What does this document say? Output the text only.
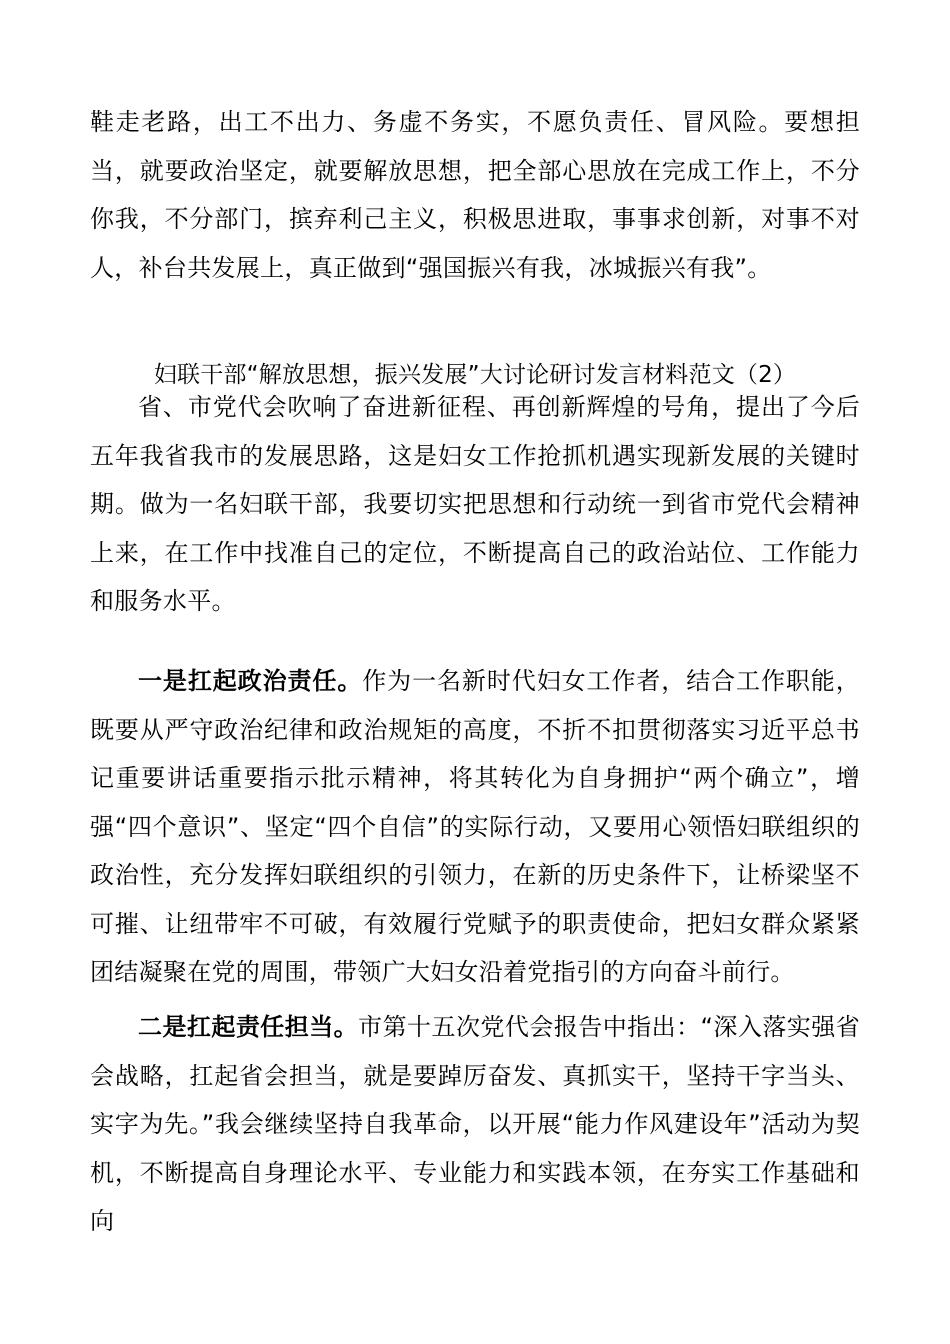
鞋走老路，出工不出力、务虚不务实，不愿负责任、冒风险。要想担当，就要政治坚定，就要解放思想，把全部心思放在完成工作上，不分你我，不分部门，摈弃利己主义，积极思进取，事事求创新，对事不对人，补台共发展上，真正做到“强国振兴有我，冰城振兴有我”。

妇联干部“解放思想，振兴发展”大讨论研讨发言材料范文（2）

省、市党代会吹响了奋进新征程、再创新辉煌的号角，提出了今后五年我省我市的发展思路，这是妇女工作抢抓机遇实现新发展的关键时期。做为一名妇联干部，我要切实把思想和行动统一到省市党代会精神上来，在工作中找准自己的定位，不断提高自己的政治站位、工作能力和服务水平。

一是扛起政治责任。作为一名新时代妇女工作者，结合工作职能，既要从严守政治纪律和政治规矩的高度，不折不扣贯彻落实习近平总书记重要讲话重要指示批示精神，将其转化为自身拥护“两个确立”，增强“四个意识”、坚定“四个自信”的实际行动，又要用心领悟妇联组织的政治性，充分发挥妇联组织的引领力，在新的历史条件下，让桥梁坚不可摧、让纽带牢不可破，有效履行党赋予的职责使命，把妇女群众紧紧团结凝聚在党的周围，带领广大妇女沿着党指引的方向奋斗前行。

二是扛起责任担当。市第十五次党代会报告中指出：“深入落实强省会战略，扛起省会担当，就是要踔厉奋发、真抓实干，坚持干字当头、实字为先。”我会继续坚持自我革命，以开展“能力作风建设年”活动为契机，不断提高自身理论水平、专业能力和实践本领，在夯实工作基础和向
